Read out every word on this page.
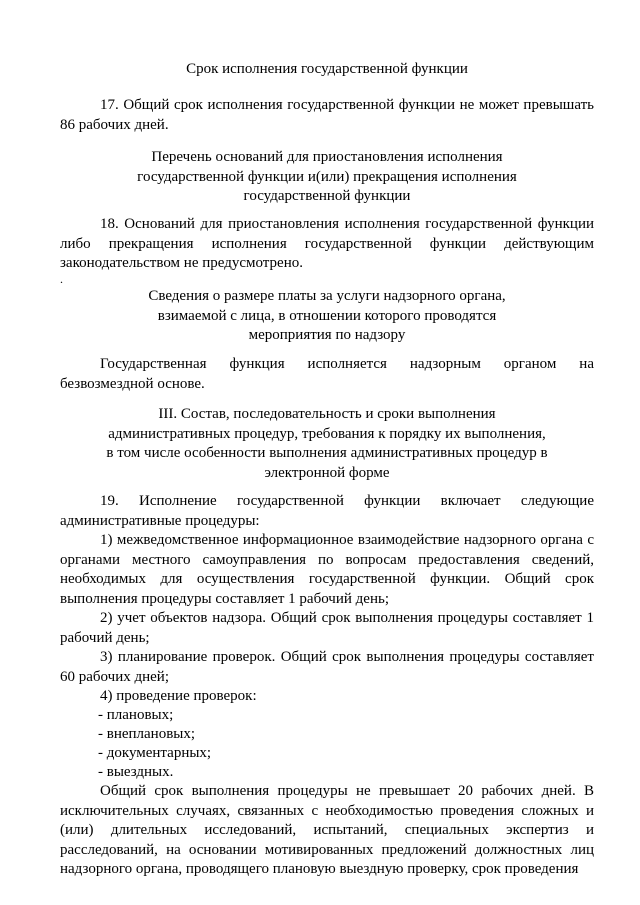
Срок исполнения государственной функции
17. Общий срок исполнения государственной функции не может превышать 86 рабочих дней.
Перечень оснований для приостановления исполнения
государственной функции и(или) прекращения исполнения
государственной функции
18. Оснований для приостановления исполнения государственной функции либо прекращения исполнения государственной функции действующим законодательством не предусмотрено.
.
Сведения о размере платы за услуги надзорного органа,
взимаемой с лица, в отношении которого проводятся
мероприятия по надзору
Государственная функция исполняется надзорным органом на безвозмездной основе.
III. Состав, последовательность и сроки выполнения
административных процедур, требования к порядку их выполнения,
в том числе особенности выполнения административных процедур в
электронной форме
19. Исполнение государственной функции включает следующие административные процедуры:
1) межведомственное информационное взаимодействие надзорного органа с органами местного самоуправления по вопросам предоставления сведений, необходимых для осуществления государственной функции. Общий срок выполнения процедуры составляет 1 рабочий день;
2) учет объектов надзора. Общий срок выполнения процедуры составляет 1 рабочий день;
3) планирование проверок. Общий срок выполнения процедуры составляет 60 рабочих дней;
4) проведение проверок:
- плановых;
- внеплановых;
- документарных;
- выездных.
Общий срок выполнения процедуры не превышает 20 рабочих дней. В исключительных случаях, связанных с необходимостью проведения сложных и (или) длительных исследований, испытаний, специальных экспертиз и расследований, на основании мотивированных предложений должностных лиц надзорного органа, проводящего плановую выездную проверку, срок проведения
